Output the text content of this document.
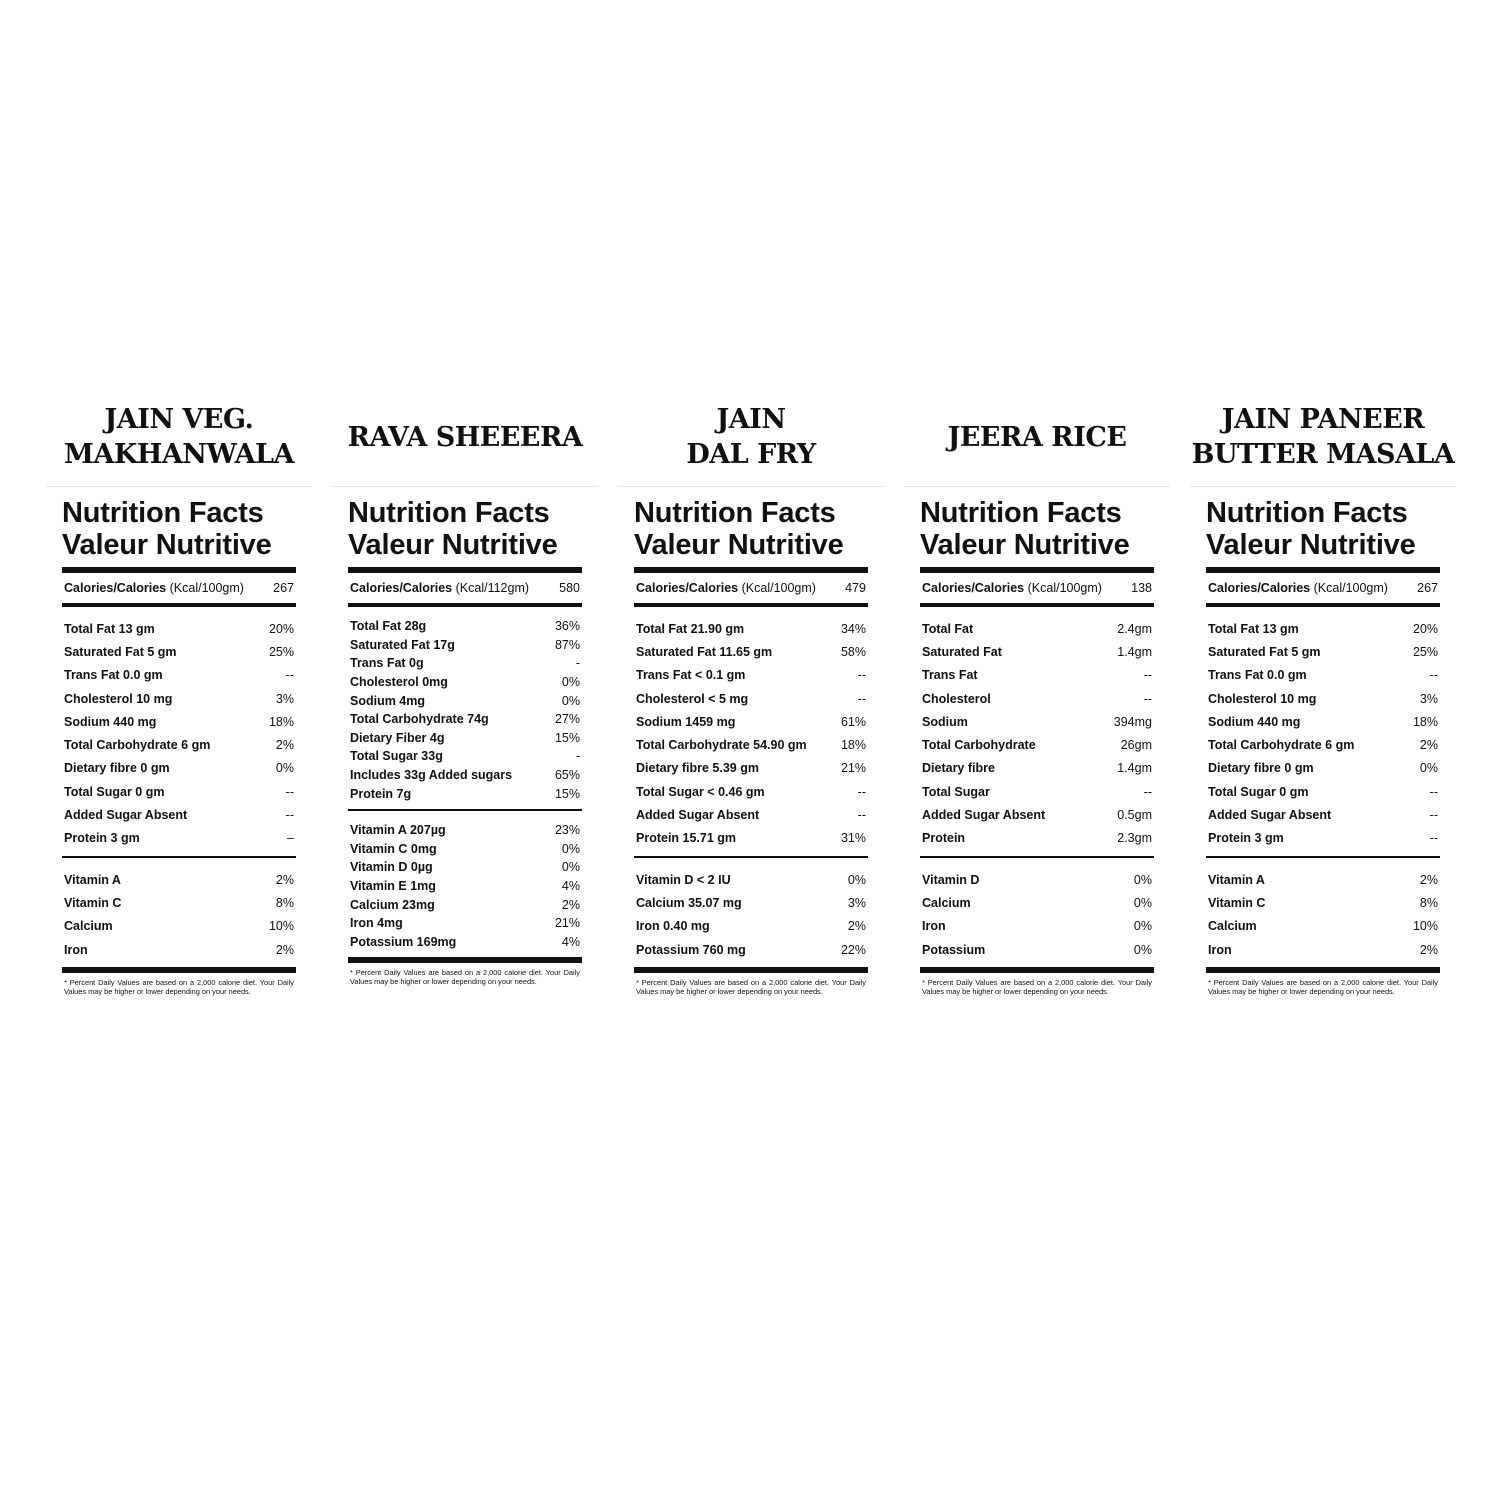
JAIN VEG.
MAKHANWALA
Nutrition Facts
Valeur Nutritive
Calories/Calories (Kcal/100gm) 267
Total Fat 13 gm	20%
Saturated Fat 5 gm	25%
Trans Fat 0.0 gm	--
Cholesterol 10 mg	3%
Sodium 440 mg	18%
Total Carbohydrate 6 gm	2%
Dietary fibre 0 gm	0%
Total Sugar 0 gm	--
Added Sugar Absent	--
Protein 3 gm	–
Vitamin A	2%
Vitamin C	8%
Calcium	10%
Iron	2%
* Percent Daily Values are based on a 2,000 calorie diet. Your Daily Values may be higher or lower depending on your needs.
RAVA SHEEERA
Nutrition Facts
Valeur Nutritive
Calories/Calories (Kcal/112gm) 580
Total Fat 28g	36%
Saturated Fat 17g	87%
Trans Fat 0g	-
Cholesterol 0mg	0%
Sodium 4mg	0%
Total Carbohydrate 74g	27%
Dietary Fiber 4g	15%
Total Sugar 33g	-
Includes 33g Added sugars	65%
Protein 7g	15%
Vitamin A 207µg	23%
Vitamin C 0mg	0%
Vitamin D 0µg	0%
Vitamin E 1mg	4%
Calcium 23mg	2%
Iron 4mg	21%
Potassium 169mg	4%
* Percent Daily Values are based on a 2,000 calorie diet. Your Daily Values may be higher or lower depending on your needs.
JAIN
DAL FRY
Nutrition Facts
Valeur Nutritive
Calories/Calories (Kcal/100gm) 479
Total Fat 21.90 gm	34%
Saturated Fat 11.65 gm	58%
Trans Fat < 0.1 gm	--
Cholesterol < 5 mg	--
Sodium 1459 mg	61%
Total Carbohydrate 54.90 gm	18%
Dietary fibre 5.39 gm	21%
Total Sugar < 0.46 gm	--
Added Sugar Absent	--
Protein 15.71 gm	31%
Vitamin D < 2 IU	0%
Calcium 35.07 mg	3%
Iron 0.40 mg	2%
Potassium 760 mg	22%
* Percent Daily Values are based on a 2,000 calorie diet. Your Daily Values may be higher or lower depending on your needs.
JEERA RICE
Nutrition Facts
Valeur Nutritive
Calories/Calories (Kcal/100gm) 138
Total Fat	2.4gm
Saturated Fat	1.4gm
Trans Fat	--
Cholesterol	--
Sodium	394mg
Total Carbohydrate	26gm
Dietary fibre	1.4gm
Total Sugar	--
Added Sugar Absent	0.5gm
Protein	2.3gm
Vitamin D	0%
Calcium	0%
Iron	0%
Potassium	0%
* Percent Daily Values are based on a 2,000 calorie diet. Your Daily Values may be higher or lower depending on your needs.
JAIN PANEER
BUTTER MASALA
Nutrition Facts
Valeur Nutritive
Calories/Calories (Kcal/100gm) 267
Total Fat 13 gm	20%
Saturated Fat 5 gm	25%
Trans Fat 0.0 gm	--
Cholesterol 10 mg	3%
Sodium 440 mg	18%
Total Carbohydrate 6 gm	2%
Dietary fibre 0 gm	0%
Total Sugar 0 gm	--
Added Sugar Absent	--
Protein 3 gm	--
Vitamin A	2%
Vitamin C	8%
Calcium	10%
Iron	2%
* Percent Daily Values are based on a 2,000 calorie diet. Your Daily Values may be higher or lower depending on your needs.
